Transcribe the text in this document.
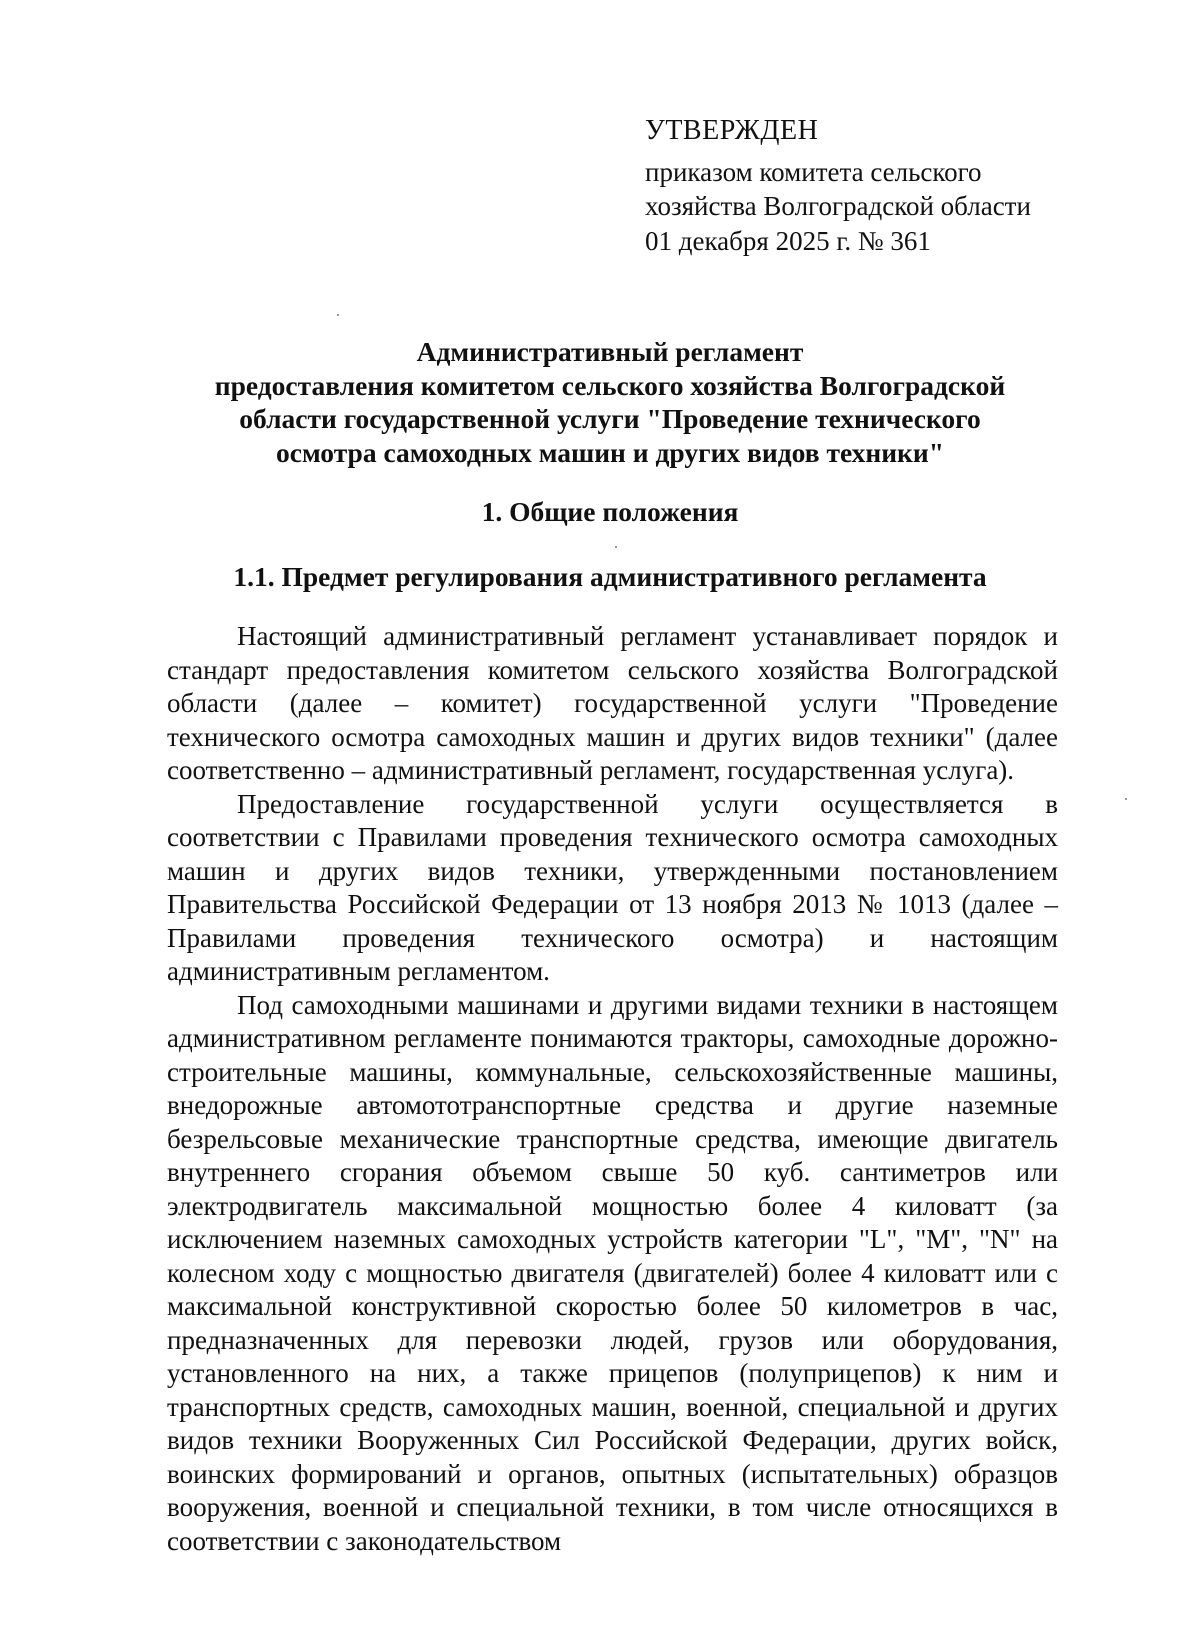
УТВЕРЖДЕН
приказом комитета сельского
хозяйства Волгоградской области
01 декабря 2025 г. № 361
Административный регламент
предоставления комитетом сельского хозяйства Волгоградской
области государственной услуги "Проведение технического
осмотра самоходных машин и других видов техники"
1. Общие положения
1.1. Предмет регулирования административного регламента

Настоящий административный регламент устанавливает порядок и стандарт предоставления комитетом сельского хозяйства Волгоградской области (далее – комитет) государственной услуги "Проведение технического осмотра самоходных машин и других видов техники" (далее соответственно – административный регламент, государственная услуга).

Предоставление государственной услуги осуществляется в соответствии с Правилами проведения технического осмотра самоходных машин и других видов техники, утвержденными постановлением Правительства Российской Федерации от 13 ноября 2013 № 1013 (далее – Правилами проведения технического осмотра) и настоящим административным регламентом.

Под самоходными машинами и другими видами техники в настоящем административном регламенте понимаются тракторы, самоходные дорожно-строительные машины, коммунальные, сельскохозяйственные машины, внедорожные автомототранспортные средства и другие наземные безрельсовые механические транспортные средства, имеющие двигатель внутреннего сгорания объемом свыше 50 куб. сантиметров или электродвигатель максимальной мощностью более 4 киловатт (за исключением наземных самоходных устройств категории "L", "M", "N" на колесном ходу с мощностью двигателя (двигателей) более 4 киловатт или с максимальной конструктивной скоростью более 50 километров в час, предназначенных для перевозки людей, грузов или оборудования, установленного на них, а также прицепов (полуприцепов) к ним и транспортных средств, самоходных машин, военной, специальной и других видов техники Вооруженных Сил Российской Федерации, других войск, воинских формирований и органов, опытных (испытательных) образцов вооружения, военной и специальной техники, в том числе относящихся в соответствии с законодательством
